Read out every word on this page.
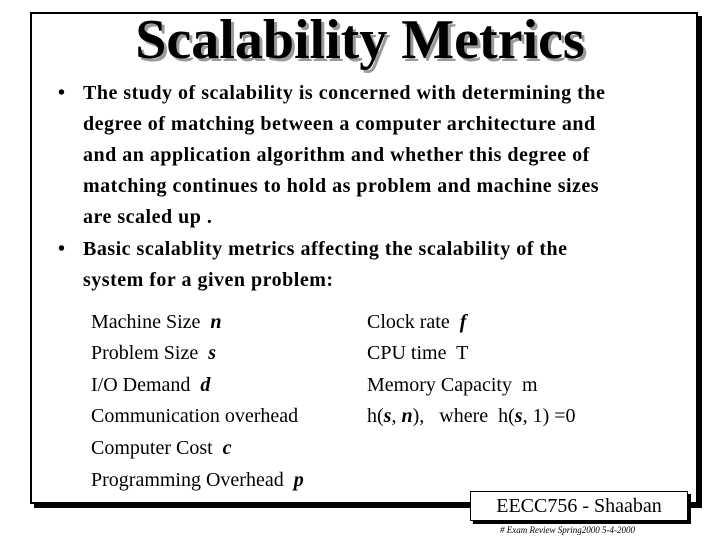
Scalability Metrics
• The study of scalability is concerned with determining the
degree of matching between a computer architecture and
and an application algorithm and whether this degree of
matching continues to hold as problem and machine sizes
are scaled up .
• Basic scalablity metrics affecting the scalability of the
system for a given problem:
Machine Size n
Problem Size s
I/O Demand d
Communication overhead
Computer Cost c
Programming Overhead p
Clock rate f
CPU time T
Memory Capacity m
h(s, n),   where  h(s, 1) =0
EECC756 - Shaaban
# Exam Review Spring2000 5-4-2000
